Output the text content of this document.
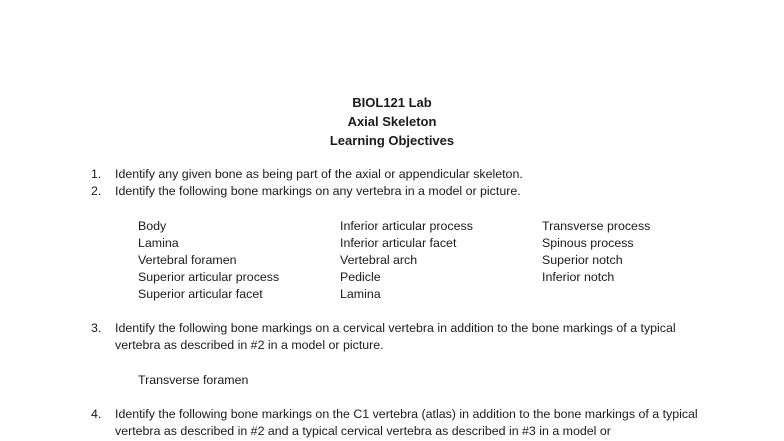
BIOL121 Lab
Axial Skeleton
Learning Objectives
1. Identify any given bone as being part of the axial or appendicular skeleton.
2. Identify the following bone markings on any vertebra in a model or picture.
Body
Lamina
Vertebral foramen
Superior articular process
Superior articular facet
Inferior articular process
Inferior articular facet
Vertebral arch
Pedicle
Lamina
Transverse process
Spinous process
Superior notch
Inferior notch
3. Identify the following bone markings on a cervical vertebra in addition to the bone markings of a typical vertebra as described in #2 in a model or picture.
Transverse foramen
4. Identify the following bone markings on the C1 vertebra (atlas) in addition to the bone markings of a typical vertebra as described in #2 and a typical cervical vertebra as described in #3 in a model or
